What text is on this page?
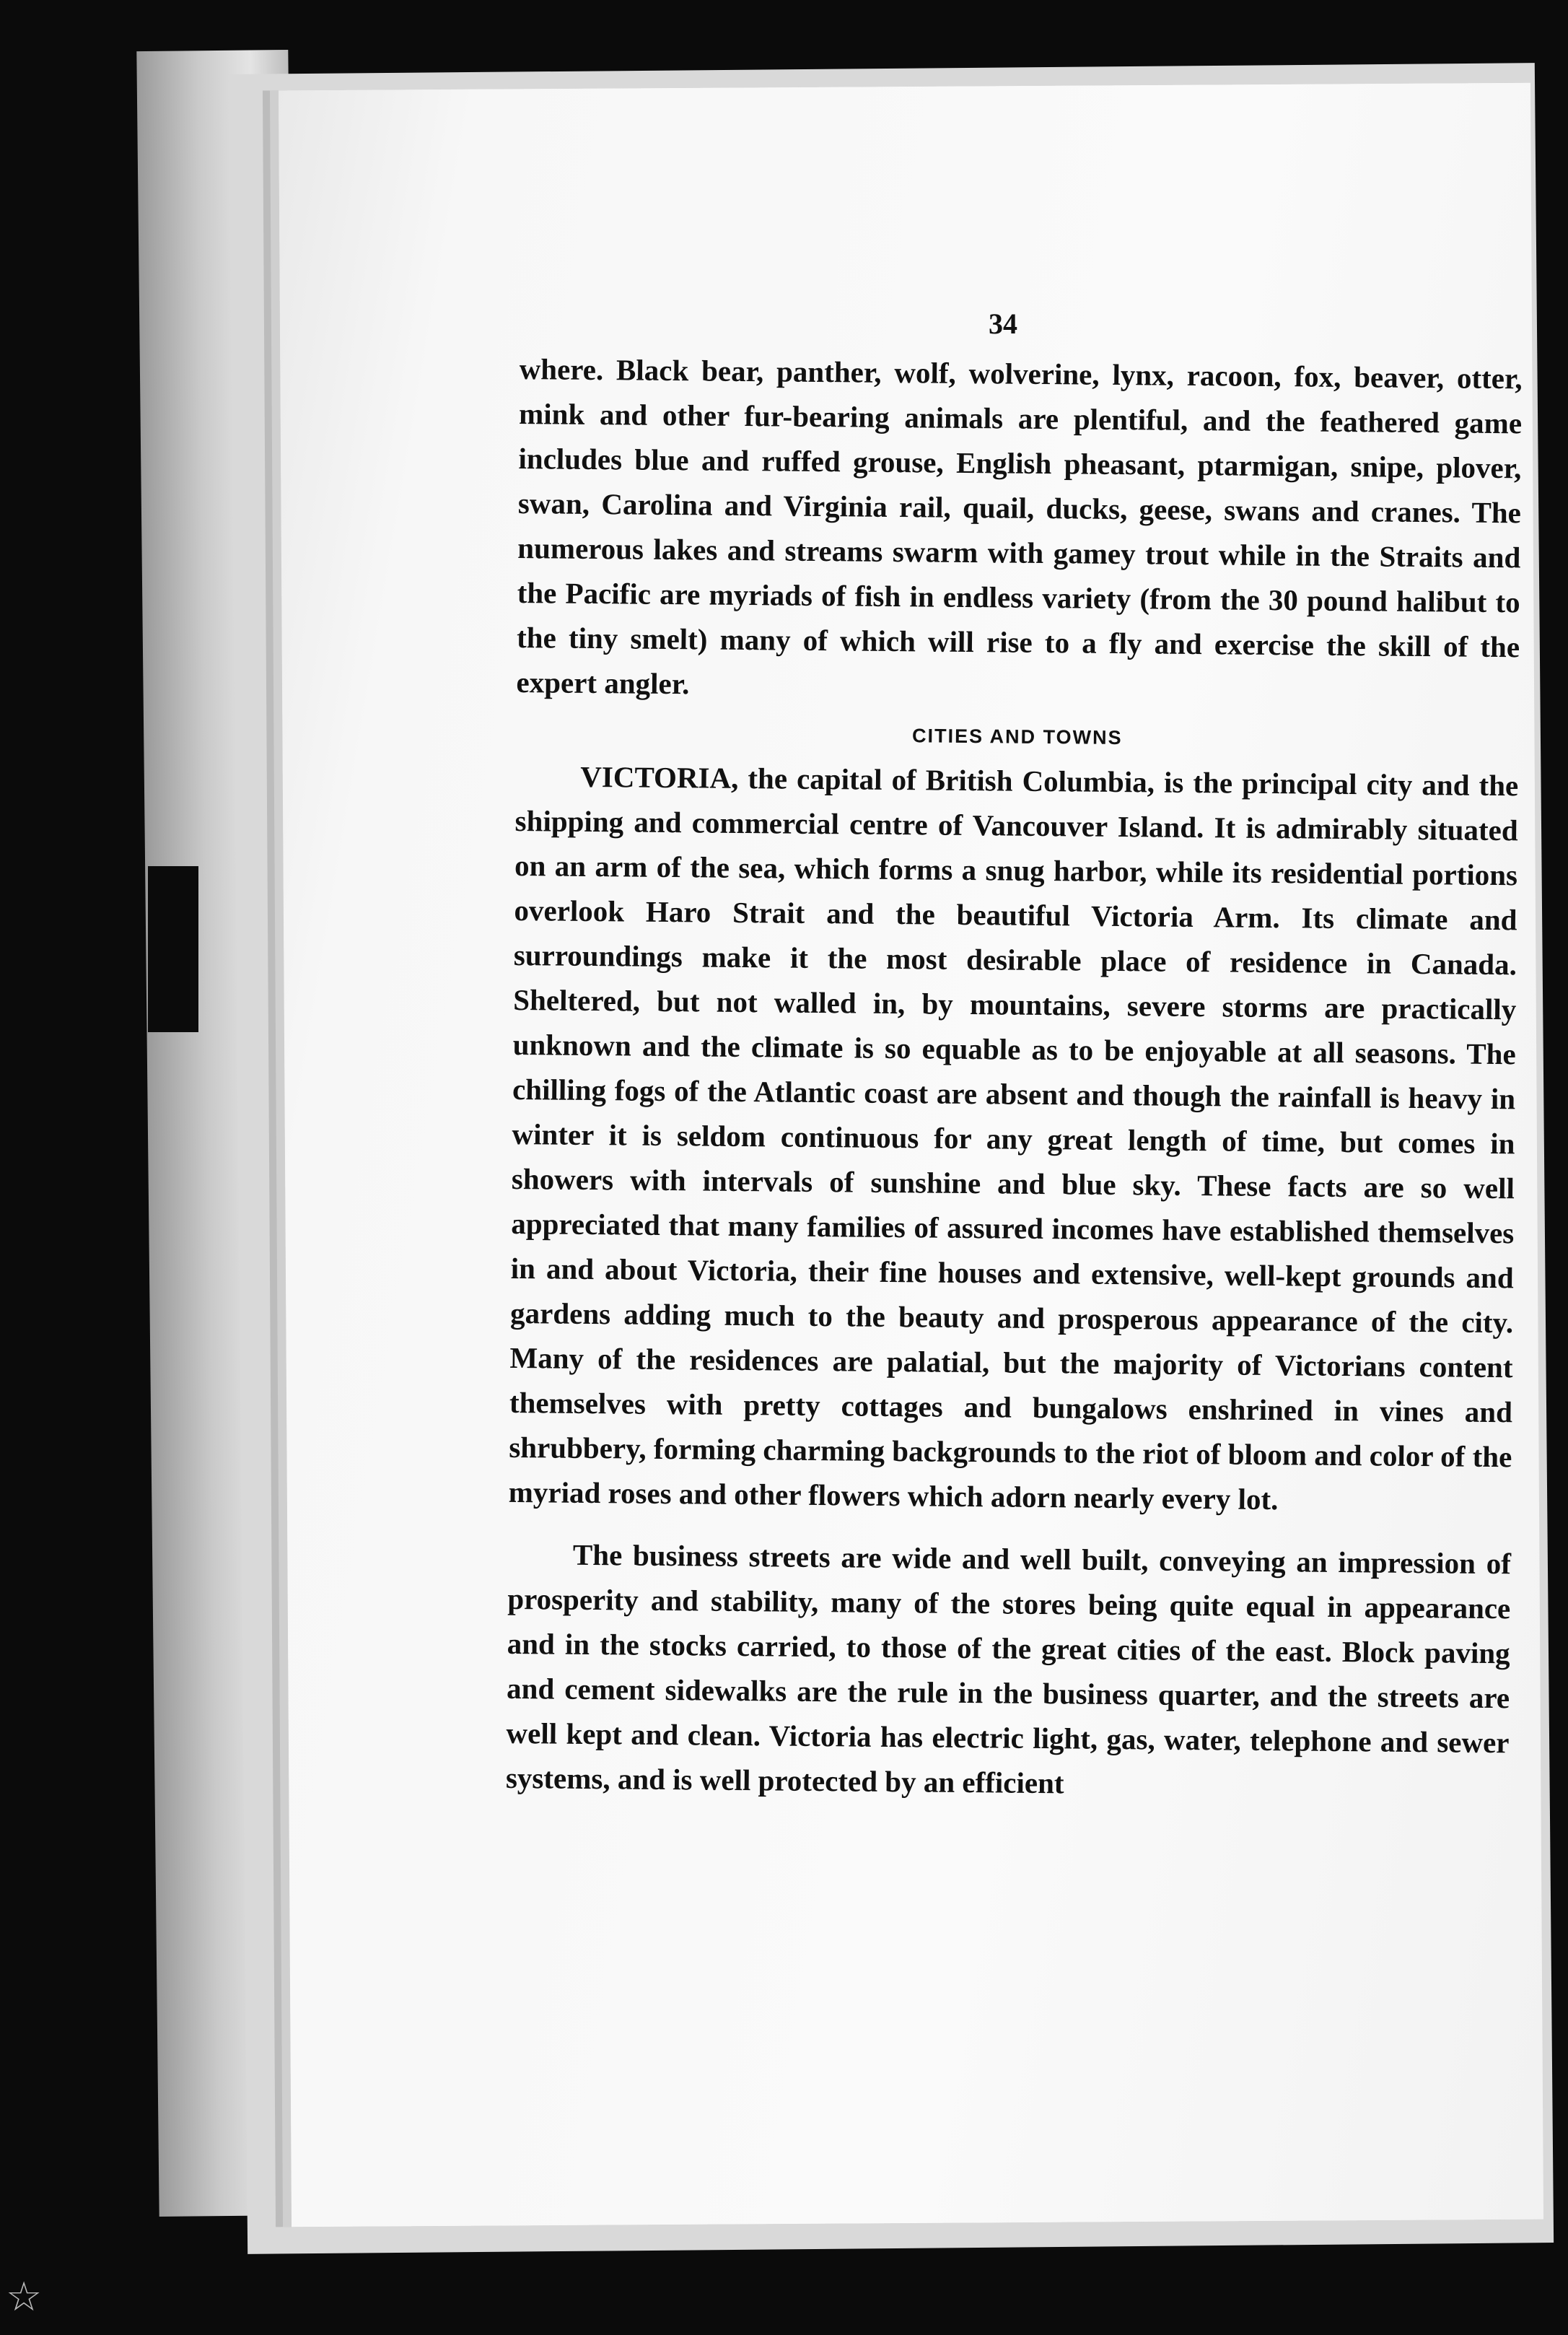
34

where. Black bear, panther, wolf, wolverine, lynx, racoon, fox, beaver, otter, mink and other fur-bearing animals are plentiful, and the feathered game includes blue and ruffed grouse, English pheasant, ptarmigan, snipe, plover, swan, Carolina and Virginia rail, quail, ducks, geese, swans and cranes. The numerous lakes and streams swarm with gamey trout while in the Straits and the Pacific are myriads of fish in endless variety (from the 30 pound halibut to the tiny smelt) many of which will rise to a fly and exercise the skill of the expert angler.

CITIES AND TOWNS

VICTORIA, the capital of British Columbia, is the principal city and the shipping and commercial centre of Vancouver Island. It is admirably situated on an arm of the sea, which forms a snug harbor, while its residential portions overlook Haro Strait and the beautiful Victoria Arm. Its climate and surroundings make it the most desirable place of residence in Canada. Sheltered, but not walled in, by mountains, severe storms are practically unknown and the climate is so equable as to be enjoyable at all seasons. The chilling fogs of the Atlantic coast are absent and though the rainfall is heavy in winter it is seldom continuous for any great length of time, but comes in showers with intervals of sunshine and blue sky. These facts are so well appreciated that many families of assured incomes have established themselves in and about Victoria, their fine houses and extensive, well-kept grounds and gardens adding much to the beauty and prosperous appearance of the city. Many of the residences are palatial, but the majority of Victorians content themselves with pretty cottages and bungalows enshrined in vines and shrubbery, forming charming backgrounds to the riot of bloom and color of the myriad roses and other flowers which adorn nearly every lot.

The business streets are wide and well built, conveying an impression of prosperity and stability, many of the stores being quite equal in appearance and in the stocks carried, to those of the great cities of the east. Block paving and cement sidewalks are the rule in the business quarter, and the streets are well kept and clean. Victoria has electric light, gas, water, telephone and sewer systems, and is well protected by an efficient

☆
